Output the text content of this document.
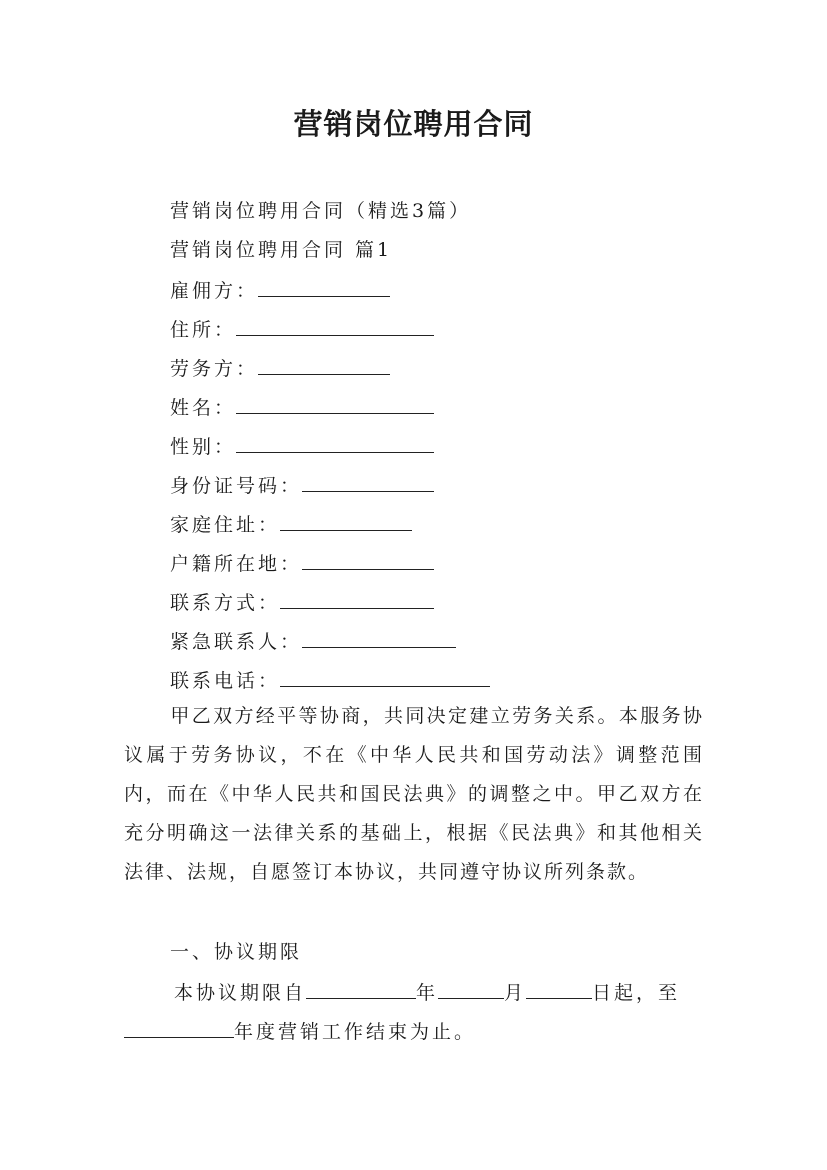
营销岗位聘用合同
营销岗位聘用合同（精选3篇）
营销岗位聘用合同 篇1
雇佣方：
住所：
劳务方：
姓名：
性别：
身份证号码：
家庭住址：
户籍所在地：
联系方式：
紧急联系人：
联系电话：
甲乙双方经平等协商，共同决定建立劳务关系。本服务协议属于劳务协议，不在《中华人民共和国劳动法》调整范围内，而在《中华人民共和国民法典》的调整之中。甲乙双方在充分明确这一法律关系的基础上，根据《民法典》和其他相关法律、法规，自愿签订本协议，共同遵守协议所列条款。
一、协议期限
本协议期限自	年	月	日起，至
年度营销工作结束为止。
